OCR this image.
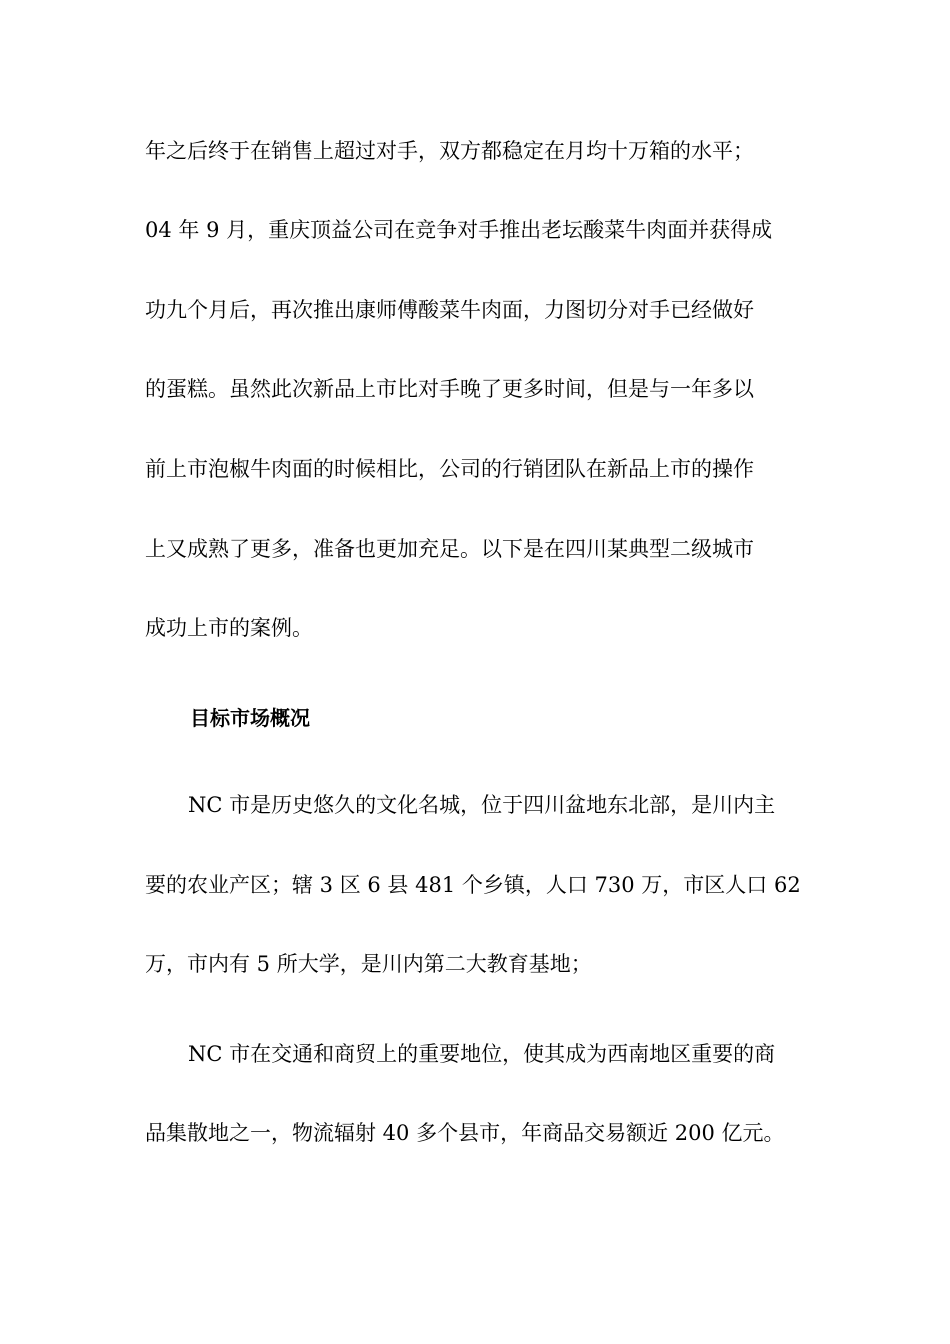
年之后终于在销售上超过对手，双方都稳定在月均十万箱的水平；
04 年 9 月，重庆顶益公司在竞争对手推出老坛酸菜牛肉面并获得成
功九个月后，再次推出康师傅酸菜牛肉面，力图切分对手已经做好
的蛋糕。虽然此次新品上市比对手晚了更多时间，但是与一年多以
前上市泡椒牛肉面的时候相比，公司的行销团队在新品上市的操作
上又成熟了更多，准备也更加充足。以下是在四川某典型二级城市
成功上市的案例。
目标市场概况
NC 市是历史悠久的文化名城，位于四川盆地东北部，是川内主
要的农业产区；辖 3 区 6 县 481 个乡镇，人口 730 万，市区人口 62
万，市内有 5 所大学，是川内第二大教育基地；
NC 市在交通和商贸上的重要地位，使其成为西南地区重要的商
品集散地之一，物流辐射 40 多个县市，年商品交易额近 200 亿元。
